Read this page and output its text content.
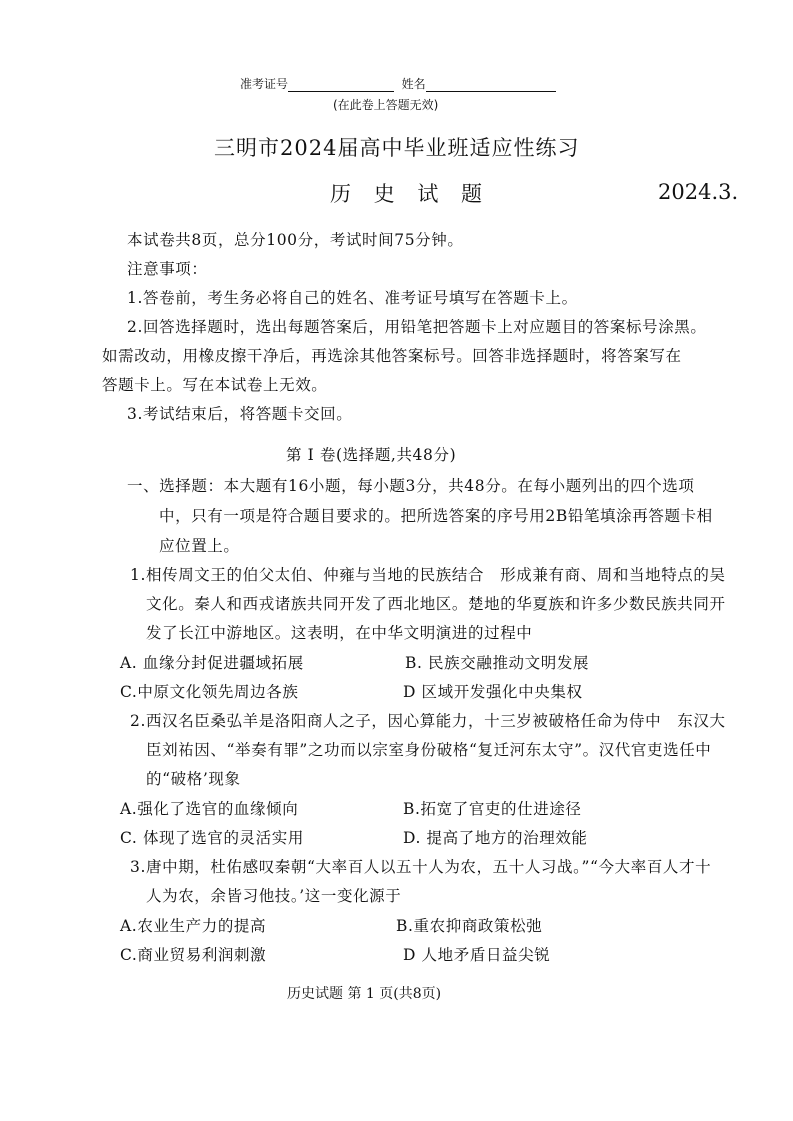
准考证号	姓名
(在此卷上答题无效)
三明市2024届高中毕业班适应性练习
历 史 试 题	2024.3.
本试卷共8页，总分100分，考试时间75分钟。
注意事项：
1.答卷前，考生务必将自己的姓名、准考证号填写在答题卡上。
2.回答选择题时，选出每题答案后，用铅笔把答题卡上对应题目的答案标号涂黑。
如需改动，用橡皮擦干净后，再选涂其他答案标号。回答非选择题时，将答案写在
答题卡上。写在本试卷上无效。
3.考试结束后，将答题卡交回。
第 Ⅰ 卷(选择题,共48分)
一、选择题：本大题有16小题，每小题3分，共48分。在每小题列出的四个选项
中，只有一项是符合题目要求的。把所选答案的序号用2B铅笔填涂再答题卡相
应位置上。
1.相传周文王的伯父太伯、仲雍与当地的民族结合　形成兼有商、周和当地特点的吴
文化。秦人和西戎诸族共同开发了西北地区。楚地的华夏族和许多少数民族共同开
发了长江中游地区。这表明，在中华文明演进的过程中
A. 血缘分封促进疆域拓展	B. 民族交融推动文明发展
C.中原文化领先周边各族	D 区域开发强化中央集权
2.西汉名臣桑弘羊是洛阳商人之子，因心算能力，十三岁被破格任命为侍中　东汉大
臣刘祐因、“举奏有罪”之功而以宗室身份破格“复迁河东太守”。汉代官吏选任中
的“破格’现象
A.强化了选官的血缘倾向	B.拓宽了官吏的仕进途径
C. 体现了选官的灵活实用	D. 提高了地方的治理效能
3.唐中期，杜佑感叹秦朝“大率百人以五十人为农，五十人习战。”“今大率百人才十
人为农，余皆习他技。’这一变化源于
A.农业生产力的提高	B.重农抑商政策松弛
C.商业贸易利润刺激	D 人地矛盾日益尖锐
历史试题 第 1 页(共8页)
